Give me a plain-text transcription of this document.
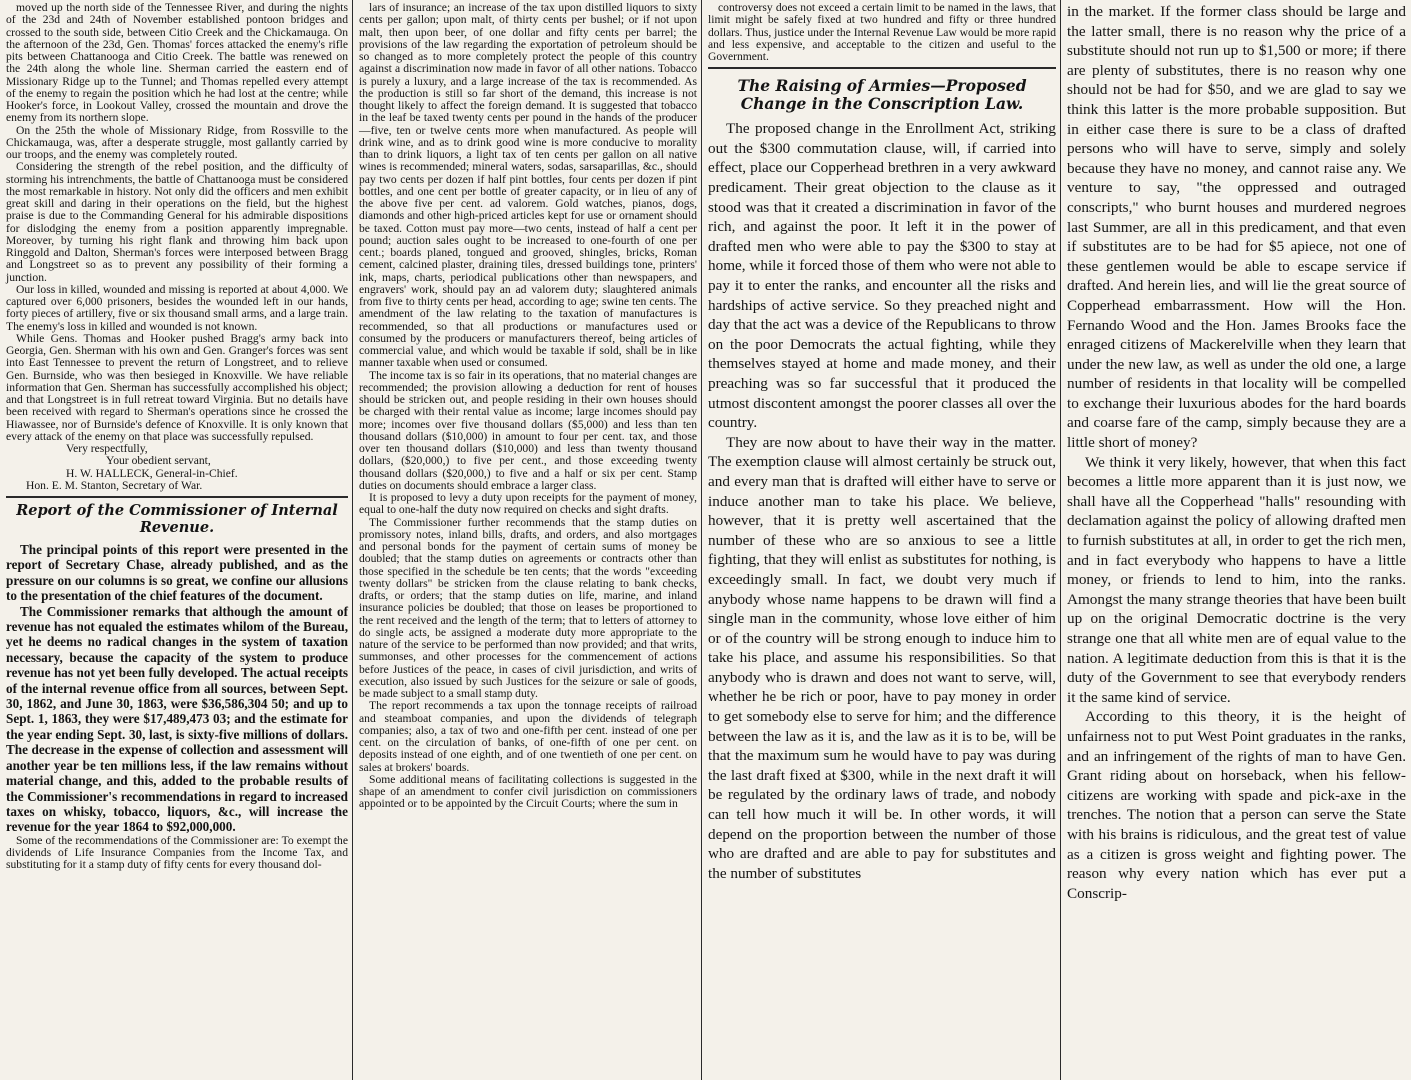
moved up the north side of the Tennessee River, and during the nights of the 23d and 24th of November established pontoon bridges and crossed to the south side, between Citio Creek and the Chickamauga. On the afternoon of the 23d, Gen. Thomas' forces attacked the enemy's rifle pits between Chattanooga and Citio Creek. The battle was renewed on the 24th along the whole line. Sherman carried the eastern end of Missionary Ridge up to the Tunnel; and Thomas repelled every attempt of the enemy to regain the position which he had lost at the centre; while Hooker's force, in Lookout Valley, crossed the mountain and drove the enemy from its northern slope.

On the 25th the whole of Missionary Ridge, from Rossville to the Chickamauga, was, after a desperate struggle, most gallantly carried by our troops, and the enemy was completely routed.

Considering the strength of the rebel position, and the difficulty of storming his intrenchments, the battle of Chattanooga must be considered the most remarkable in history. Not only did the officers and men exhibit great skill and daring in their operations on the field, but the highest praise is due to the Commanding General for his admirable dispositions for dislodging the enemy from a position apparently impregnable. Moreover, by turning his right flank and throwing him back upon Ringgold and Dalton, Sherman's forces were interposed between Bragg and Longstreet so as to prevent any possibility of their forming a junction.

Our loss in killed, wounded and missing is reported at about 4,000. We captured over 6,000 prisoners, besides the wounded left in our hands, forty pieces of artillery, five or six thousand small arms, and a large train. The enemy's loss in killed and wounded is not known.

While Gens. Thomas and Hooker pushed Bragg's army back into Georgia, Gen. Sherman with his own and Gen. Granger's forces was sent into East Tennessee to prevent the return of Longstreet, and to relieve Gen. Burnside, who was then besieged in Knoxville. We have reliable information that Gen. Sherman has successfully accomplished his object; and that Longstreet is in full retreat toward Virginia. But no details have been received with regard to Sherman's operations since he crossed the Hiawassee, nor of Burnside's defence of Knoxville. It is only known that every attack of the enemy on that place was successfully repulsed.

Very respectfully,

Your obedient servant,

H. W. HALLECK, General-in-Chief.

Hon. E. M. Stanton, Secretary of War.

Report of the Commissioner of Internal Revenue.

The principal points of this report were presented in the report of Secretary Chase, already published, and as the pressure on our columns is so great, we confine our allusions to the presentation of the chief features of the document.

The Commissioner remarks that although the amount of revenue has not equaled the estimates whilom of the Bureau, yet he deems no radical changes in the system of taxation necessary, because the capacity of the system to produce revenue has not yet been fully developed. The actual receipts of the internal revenue office from all sources, between Sept. 30, 1862, and June 30, 1863, were $36,586,304 50; and up to Sept. 1, 1863, they were $17,489,473 03; and the estimate for the year ending Sept. 30, last, is sixty-five millions of dollars. The decrease in the expense of collection and assessment will another year be ten millions less, if the law remains without material change, and this, added to the probable results of the Commissioner's recommendations in regard to increased taxes on whisky, tobacco, liquors, &c., will increase the revenue for the year 1864 to $92,000,000.

Some of the recommendations of the Commissioner are: To exempt the dividends of Life Insurance Companies from the Income Tax, and substituting for it a stamp duty of fifty cents for every thousand dol-

lars of insurance; an increase of the tax upon distilled liquors to sixty cents per gallon; upon malt, of thirty cents per bushel; or if not upon malt, then upon beer, of one dollar and fifty cents per barrel; the provisions of the law regarding the exportation of petroleum should be so changed as to more completely protect the people of this country against a discrimination now made in favor of all other nations. Tobacco is purely a luxury, and a large increase of the tax is recommended. As the production is still so far short of the demand, this increase is not thought likely to affect the foreign demand. It is suggested that tobacco in the leaf be taxed twenty cents per pound in the hands of the producer—five, ten or twelve cents more when manufactured. As people will drink wine, and as to drink good wine is more conducive to morality than to drink liquors, a light tax of ten cents per gallon on all native wines is recommended; mineral waters, sodas, sarsaparillas, &c., should pay two cents per dozen if half pint bottles, four cents per dozen if pint bottles, and one cent per bottle of greater capacity, or in lieu of any of the above five per cent. ad valorem. Gold watches, pianos, dogs, diamonds and other high-priced articles kept for use or ornament should be taxed. Cotton must pay more—two cents, instead of half a cent per pound; auction sales ought to be increased to one-fourth of one per cent.; boards planed, tongued and grooved, shingles, bricks, Roman cement, calcined plaster, draining tiles, dressed buildings tone, printers' ink, maps, charts, periodical publications other than newspapers, and engravers' work, should pay an ad valorem duty; slaughtered animals from five to thirty cents per head, according to age; swine ten cents. The amendment of the law relating to the taxation of manufactures is recommended, so that all productions or manufactures used or consumed by the producers or manufacturers thereof, being articles of commercial value, and which would be taxable if sold, shall be in like manner taxable when used or consumed.

The income tax is so fair in its operations, that no material changes are recommended; the provision allowing a deduction for rent of houses should be stricken out, and people residing in their own houses should be charged with their rental value as income; large incomes should pay more; incomes over five thousand dollars ($5,000) and less than ten thousand dollars ($10,000) in amount to four per cent. tax, and those over ten thousand dollars ($10,000) and less than twenty thousand dollars, ($20,000,) to five per cent., and those exceeding twenty thousand dollars ($20,000,) to five and a half or six per cent. Stamp duties on documents should embrace a larger class.

It is proposed to levy a duty upon receipts for the payment of money, equal to one-half the duty now required on checks and sight drafts.

The Commissioner further recommends that the stamp duties on promissory notes, inland bills, drafts, and orders, and also mortgages and personal bonds for the payment of certain sums of money be doubled; that the stamp duties on agreements or contracts other than those specified in the schedule be ten cents; that the words "exceeding twenty dollars" be stricken from the clause relating to bank checks, drafts, or orders; that the stamp duties on life, marine, and inland insurance policies be doubled; that those on leases be proportioned to the rent received and the length of the term; that to letters of attorney to do single acts, be assigned a moderate duty more appropriate to the nature of the service to be performed than now provided; and that writs, summonses, and other processes for the commencement of actions before Justices of the peace, in cases of civil jurisdiction, and writs of execution, also issued by such Justices for the seizure or sale of goods, be made subject to a small stamp duty.

The report recommends a tax upon the tonnage receipts of railroad and steamboat companies, and upon the dividends of telegraph companies; also, a tax of two and one-fifth per cent. instead of one per cent. on the circulation of banks, of one-fifth of one per cent. on deposits instead of one eighth, and of one twentieth of one per cent. on sales at brokers' boards.

Some additional means of facilitating collections is suggested in the shape of an amendment to confer civil jurisdiction on commissioners appointed or to be appointed by the Circuit Courts; where the sum in

controversy does not exceed a certain limit to be named in the laws, that limit might be safely fixed at two hundred and fifty or three hundred dollars. Thus, justice under the Internal Revenue Law would be more rapid and less expensive, and acceptable to the citizen and useful to the Government.

The Raising of Armies—Proposed Change in the Conscription Law.

The proposed change in the Enrollment Act, striking out the $300 commutation clause, will, if carried into effect, place our Copperhead brethren in a very awkward predicament. Their great objection to the clause as it stood was that it created a discrimination in favor of the rich, and against the poor. It left it in the power of drafted men who were able to pay the $300 to stay at home, while it forced those of them who were not able to pay it to enter the ranks, and encounter all the risks and hardships of active service. So they preached night and day that the act was a device of the Republicans to throw on the poor Democrats the actual fighting, while they themselves stayed at home and made money, and their preaching was so far successful that it produced the utmost discontent amongst the poorer classes all over the country.

They are now about to have their way in the matter. The exemption clause will almost certainly be struck out, and every man that is drafted will either have to serve or induce another man to take his place. We believe, however, that it is pretty well ascertained that the number of these who are so anxious to see a little fighting, that they will enlist as substitutes for nothing, is exceedingly small. In fact, we doubt very much if anybody whose name happens to be drawn will find a single man in the community, whose love either of him or of the country will be strong enough to induce him to take his place, and assume his responsibilities. So that anybody who is drawn and does not want to serve, will, whether he be rich or poor, have to pay money in order to get somebody else to serve for him; and the difference between the law as it is, and the law as it is to be, will be that the maximum sum he would have to pay was during the last draft fixed at $300, while in the next draft it will be regulated by the ordinary laws of trade, and nobody can tell how much it will be. In other words, it will depend on the proportion between the number of those who are drafted and are able to pay for substitutes and the number of substitutes

in the market. If the former class should be large and the latter small, there is no reason why the price of a substitute should not run up to $1,500 or more; if there are plenty of substitutes, there is no reason why one should not be had for $50, and we are glad to say we think this latter is the more probable supposition. But in either case there is sure to be a class of drafted persons who will have to serve, simply and solely because they have no money, and cannot raise any. We venture to say, "the oppressed and outraged conscripts," who burnt houses and murdered negroes last Summer, are all in this predicament, and that even if substitutes are to be had for $5 apiece, not one of these gentlemen would be able to escape service if drafted. And herein lies, and will lie the great source of Copperhead embarrassment. How will the Hon. Fernando Wood and the Hon. James Brooks face the enraged citizens of Mackerelville when they learn that under the new law, as well as under the old one, a large number of residents in that locality will be compelled to exchange their luxurious abodes for the hard boards and coarse fare of the camp, simply because they are a little short of money?

We think it very likely, however, that when this fact becomes a little more apparent than it is just now, we shall have all the Copperhead "halls" resounding with declamation against the policy of allowing drafted men to furnish substitutes at all, in order to get the rich men, and in fact everybody who happens to have a little money, or friends to lend to him, into the ranks. Amongst the many strange theories that have been built up on the original Democratic doctrine is the very strange one that all white men are of equal value to the nation. A legitimate deduction from this is that it is the duty of the Government to see that everybody renders it the same kind of service.

According to this theory, it is the height of unfairness not to put West Point graduates in the ranks, and an infringement of the rights of man to have Gen. Grant riding about on horseback, when his fellow-citizens are working with spade and pick-axe in the trenches. The notion that a person can serve the State with his brains is ridiculous, and the great test of value as a citizen is gross weight and fighting power. The reason why every nation which has ever put a Conscrip-
